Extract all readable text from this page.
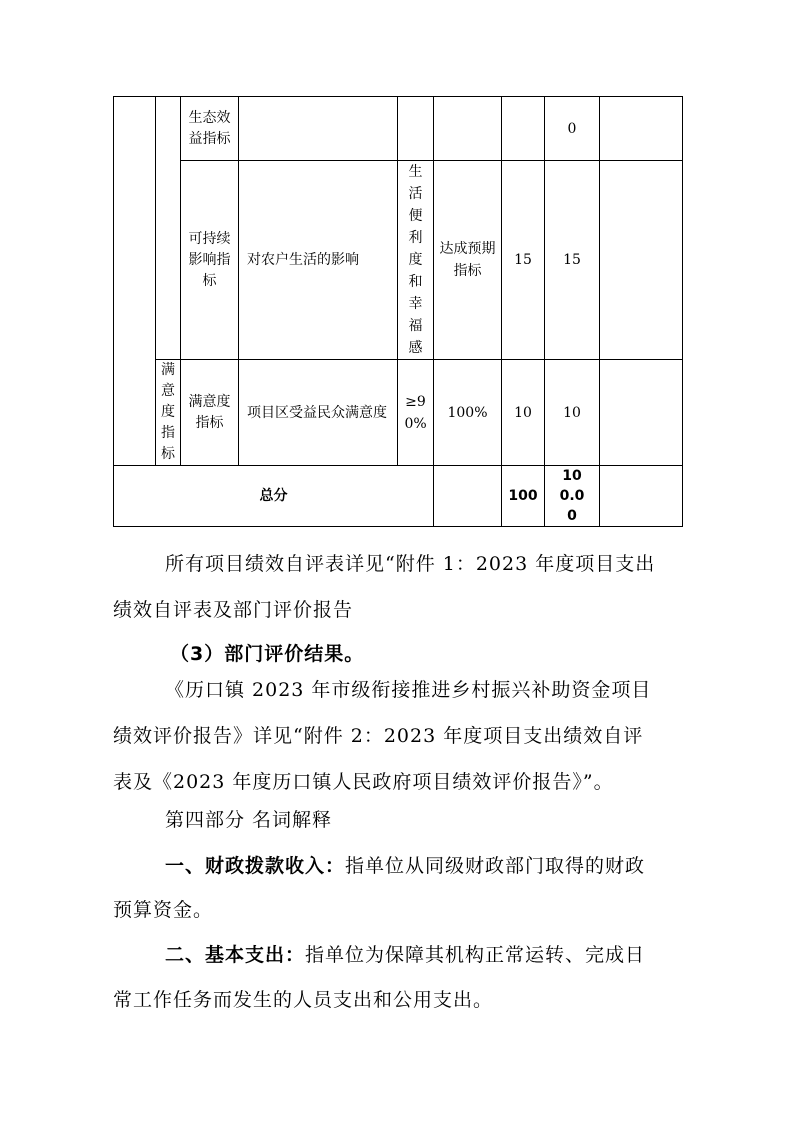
		生态效益指标					0	

		可持续影响指标	对农户生活的影响	生活便利度和幸福感	达成预期指标	15	15	

	满意度指标	满意度指标	项目区受益民众满意度	≥90%	100%	10	10	
总分						100	100.00	

所有项目绩效自评表详见“附件 1：2023 年度项目支出
绩效自评表及部门评价报告
（3）部门评价结果。
《历口镇 2023 年市级衔接推进乡村振兴补助资金项目
绩效评价报告》详见“附件 2：2023 年度项目支出绩效自评
表及《2023 年度历口镇人民政府项目绩效评价报告》”。
第四部分 名词解释
一、财政拨款收入：指单位从同级财政部门取得的财政
预算资金。
二、基本支出：指单位为保障其机构正常运转、完成日
常工作任务而发生的人员支出和公用支出。
